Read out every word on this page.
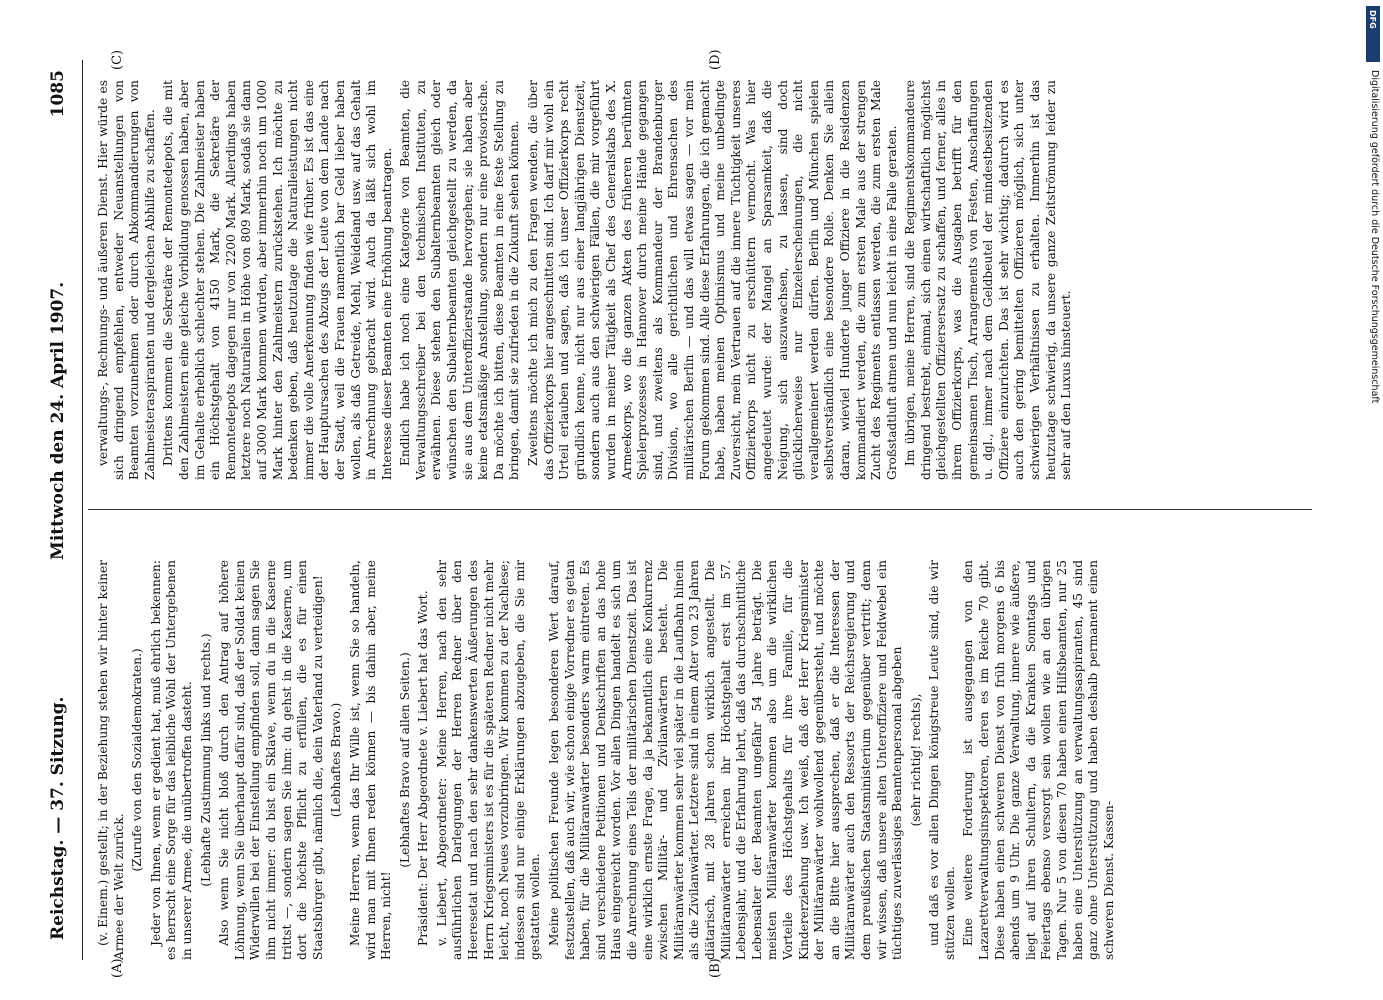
Reichstag. — 37. Sitzung.
Mittwoch den 24. April 1907.
1085
(A)	(B)
(C)	(D)

(v. Einem.) gestellt; in der Beziehung stehen wir hinter keiner Armee der Welt zurück.

(Zurufe von den Sozialdemokraten.) Jeder von Ihnen, wenn er gedient hat, muß ehrlich bekennen: es herrscht eine Sorge für das leibliche Wohl der Untergebenen in unserer Armee, die unübertroffen dasteht. (Lebhafte Zustimmung links und rechts.) Also wenn Sie nicht bloß durch den Antrag auf höhere Löhnung, wenn Sie überhaupt dafür sind, daß der Soldat keinen Widerwillen bei der Einstellung empfinden soll, dann sagen Sie ihm nicht immer: du bist ein Sklave, wenn du in die Kaserne trittst —, sondern sagen Sie ihm: du gehst in die Kaserne, um dort die höchste Pflicht zu erfüllen, die es für einen Staatsbürger gibt, nämlich die, dein Vaterland zu verteidigen! (Lebhaftes Bravo.) Meine Herren, wenn das Ihr Wille ist, wenn Sie so handeln, wird man mit Ihnen reden können — bis dahin aber, meine Herren, nicht!

(Lebhaftes Bravo auf allen Seiten.) Präsident: Der Herr Abgeordnete v. Liebert hat das Wort. v. Liebert, Abgeordneter: Meine Herren, nach den sehr ausführlichen Darlegungen der Herren Redner über den Heeresetat und nach den sehr dankenswerten Äußerungen des Herrn Kriegsministers ist es für die späteren Redner nicht mehr leicht, noch Neues vorzubringen. Wir kommen zu der Nachlese; indessen sind nur einige Erklärungen abzugeben, die Sie mir gestatten wollen. Meine politischen Freunde legen besonderen Wert darauf, festzustellen, daß auch wir, wie schon einige Vorredner es getan haben, für die Militäranwärter besonders warm eintreten. Es sind verschiedene Petitionen und Denkschriften an das hohe Haus eingereicht worden. Vor allen Dingen handelt es sich um die Anrechnung eines Teils der militärischen Dienstzeit. Das ist eine wirklich ernste Frage, da ja bekanntlich eine Konkurrenz zwischen Militär- und Zivilanwärtern besteht. Die Militäranwärter kommen sehr viel später in die Laufbahn hinein als die Zivilanwärter. Letztere sind in einem Alter von 23 Jahren diätarisch, mit 28 Jahren schon wirklich angestellt. Die Militäranwärter erreichen ihr Höchstgehalt erst im 57. Lebensjahr, und die Erfahrung lehrt, daß das durchschnittliche Lebensalter der Beamten ungefähr 54 Jahre beträgt. Die meisten Militäranwärter kommen also um die wirklichen Vorteile des Höchstgehalts für ihre Familie, für die Kindererziehung usw. Ich weiß, daß der Herr Kriegsminister der Militäranwärter wohlwollend gegenübersteht, und möchte an die Bitte hier aussprechen, daß er die Interessen der Militäranwärter auch den Ressorts der Reichsregierung und dem preußischen Staatsministerium gegenüber vertritt; denn wir wissen, daß unsere alten Unteroffiziere und Feldwebel ein tüchtiges zuverlässiges Beamtenpersonal abgeben (sehr richtig! rechts), und daß es vor allen Dingen königstreue Leute sind, die wir stützen wollen. Eine weitere Forderung ist ausgegangen von den Lazarettverwaltungsinspektoren, deren es im Reiche 70 gibt. Diese haben einen schweren Dienst von früh morgens 6 bis abends um 9 Uhr. Die ganze Verwaltung, innere wie äußere, liegt auf ihren Schultern, da die Kranken Sonntags und Feiertags ebenso versorgt sein wollen wie an den übrigen Tagen. Nur 5 von diesen 70 haben einen Hilfsbeamten, nur 25 haben eine Unterstützung an verwaltungsaspiranten, 45 sind ganz ohne Unterstützung und haben deshalb permanent einen schweren Dienst. Kassen-

verwaltungs-, Rechnungs- und äußeren Dienst. Hier würde es sich dringend empfehlen, entweder Neuanstellungen von Beamten vorzunehmen oder durch Abkommandierungen von Zahlmeisteraspiranten und dergleichen Abhilfe zu schaffen. Drittens kommen die Sekretäre der Remontedepots, die mit den Zahlmeistern eine gleiche Vorbildung genossen haben, aber im Gehalte erheblich schlechter stehen. Die Zahlmeister haben ein Höchstgehalt von 4150 Mark, die Sekretäre der Remontedepots dagegen nur von 2200 Mark. Allerdings haben letztere noch Naturalien in Höhe von 809 Mark, sodaß sie dann auf 3000 Mark kommen würden, aber immerhin noch um 1000 Mark hinter den Zahlmeistern zurückstehen. Ich möchte zu bedenken geben, daß heutzutage die Naturalleistungen nicht immer die volle Anerkennung finden wie früher. Es ist das eine der Hauptursachen des Abzugs der Leute von dem Lande nach der Stadt, weil die Frauen namentlich bar Geld lieber haben wollen, als daß Getreide, Mehl, Weideland usw. auf das Gehalt in Anrechnung gebracht wird. Auch da läßt sich wohl im Interesse dieser Beamten eine Erhöhung beantragen. Endlich habe ich noch eine Kategorie von Beamten, die Verwaltungsschreiber bei den technischen Instituten, zu erwähnen. Diese stehen den Subalternbeamten gleich oder wünschen den Subalternbeamten gleichgestellt zu werden, da sie aus dem Unteroffizierstande hervorgehen; sie haben aber keine etatsmäßige Anstellung, sondern nur eine provisorische. Da möchte ich bitten, diese Beamten in eine feste Stellung zu bringen, damit sie zufrieden in die Zukunft sehen können. Zweitens möchte ich mich zu den Fragen wenden, die über das Offizierkorps hier angeschnitten sind. Ich darf mir wohl ein Urteil erlauben und sagen, daß ich unser Offizierkorps recht gründlich kenne, nicht nur aus einer langjährigen Dienstzeit, sondern auch aus den schwierigen Fällen, die mir vorgeführt wurden in meiner Tätigkeit als Chef des Generalstabs des X. Armeekorps, wo die ganzen Akten des früheren berühmten Spielerprozesses in Hannover durch meine Hände gegangen sind, und zweitens als Kommandeur der Brandenburger Division, wo alle gerichtlichen und Ehrensachen des militärischen Berlin — und das will etwas sagen — vor mein Forum gekommen sind. Alle diese Erfahrungen, die ich gemacht habe, haben meinen Optimismus und meine unbedingte Zuversicht, mein Vertrauen auf die innere Tüchtigkeit unseres Offizierkorps nicht zu erschüttern vermocht. Was hier angedeutet wurde: der Mangel an Sparsamkeit, daß die Neigung, sich auszuwachsen, zu lassen, sind doch glücklicherweise nur Einzelerscheinungen, die nicht verallgemeinert werden dürfen. Berlin und München spielen selbstverständlich eine besondere Rolle. Denken Sie allein daran, wieviel Hunderte junger Offiziere in die Residenzen kommandiert werden, die zum ersten Male aus der strengen Zucht des Regiments entlassen werden, die zum ersten Male Großstadtluft atmen und nun leicht in eine Falle geraten. Im übrigen, meine Herren, sind die Regimentskommandeure dringend bestrebt, einmal, sich einen wirtschaftlich möglichst gleichgestellten Offiziersersatz zu schaffen, und ferner, alles in ihrem Offizierkorps, was die Ausgaben betrifft für den gemeinsamen Tisch, Arrangements von Festen, Anschaffungen u. dgl., immer nach dem Geldbeutel der mindestbesitzenden Offiziere einzurichten. Das ist sehr wichtig; dadurch wird es auch den gering bemittelten Offizieren möglich, sich unter schwierigen Verhältnissen zu erhalten. Immerhin ist das heutzutage schwierig, da unsere ganze Zeitströmung leider zu sehr auf den Luxus hinsteuert.

DFG
Digitalisierung gefördert durch die Deutsche Forschungsgemeinschaft
